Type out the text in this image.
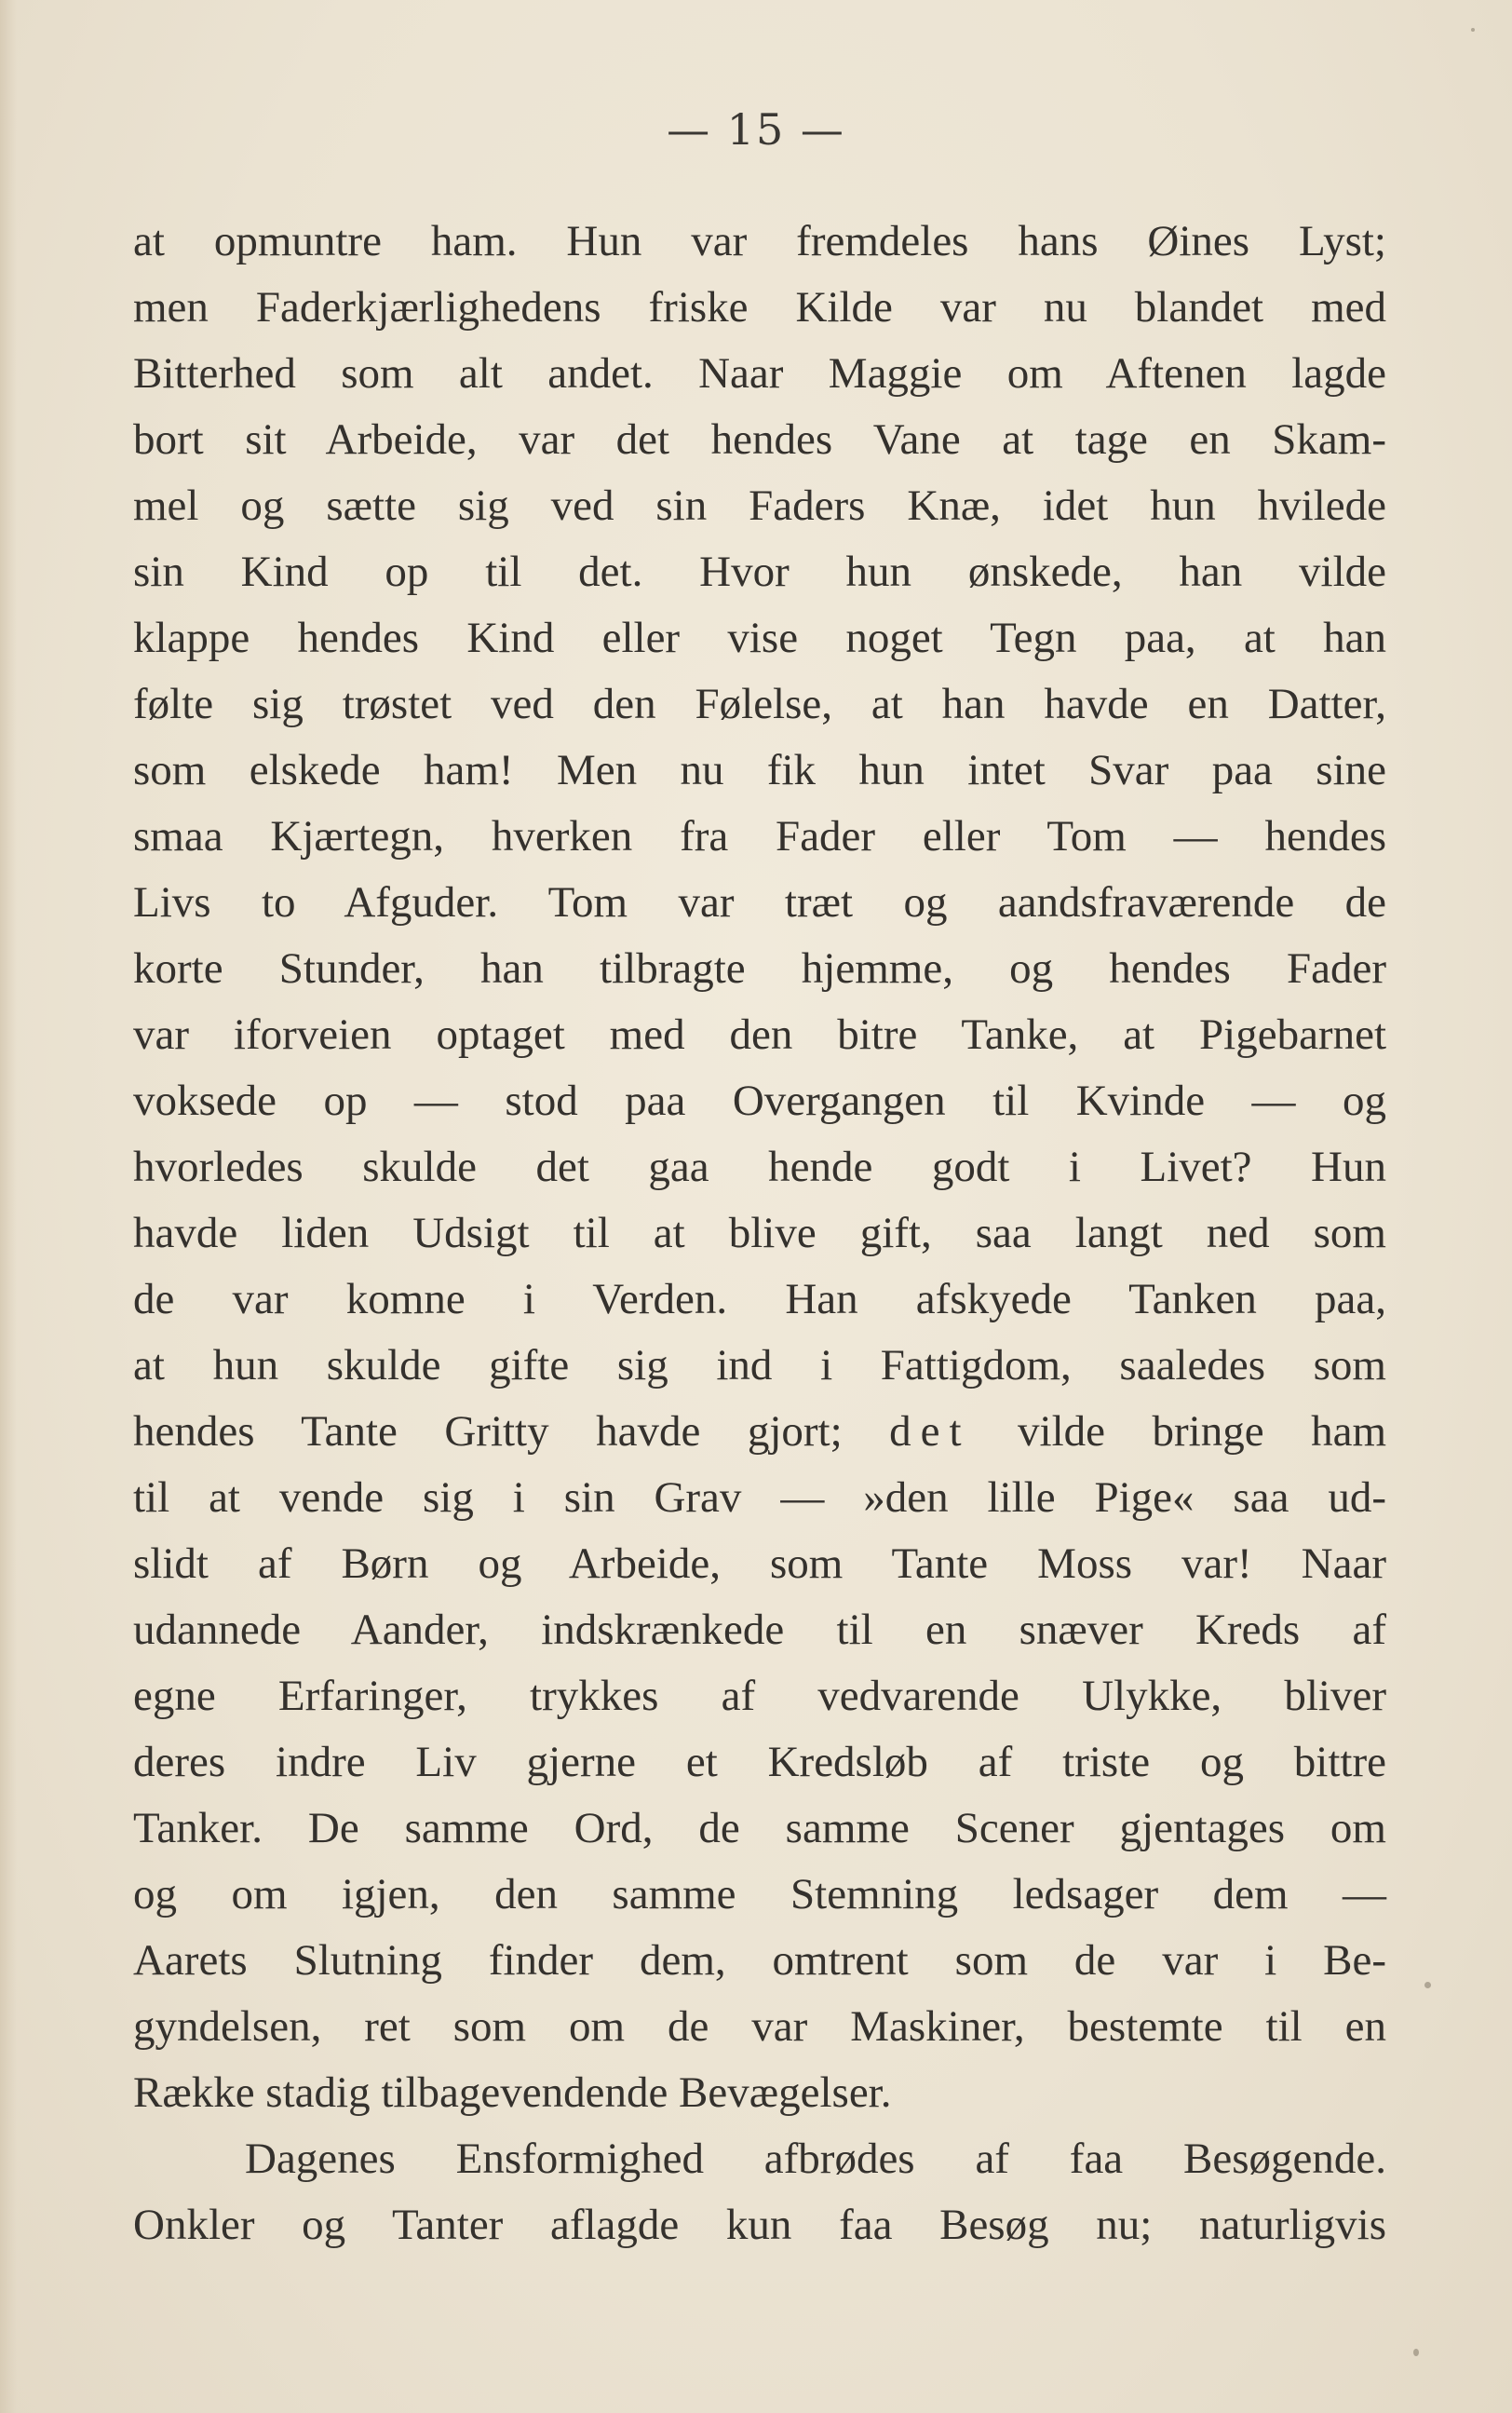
— 15 —
at opmuntre ham. Hun var fremdeles hans Øines Lyst;
men Faderkjærlighedens friske Kilde var nu blandet med
Bitterhed som alt andet. Naar Maggie om Aftenen lagde
bort sit Arbeide, var det hendes Vane at tage en Skam-
mel og sætte sig ved sin Faders Knæ, idet hun hvilede
sin Kind op til det. Hvor hun ønskede, han vilde
klappe hendes Kind eller vise noget Tegn paa, at han
følte sig trøstet ved den Følelse, at han havde en Datter,
som elskede ham! Men nu fik hun intet Svar paa sine
smaa Kjærtegn, hverken fra Fader eller Tom — hendes
Livs to Afguder. Tom var træt og aandsfraværende de
korte Stunder, han tilbragte hjemme, og hendes Fader
var iforveien optaget med den bitre Tanke, at Pigebarnet
voksede op — stod paa Overgangen til Kvinde — og
hvorledes skulde det gaa hende godt i Livet? Hun
havde liden Udsigt til at blive gift, saa langt ned som
de var komne i Verden. Han afskyede Tanken paa,
at hun skulde gifte sig ind i Fattigdom, saaledes som
hendes Tante Gritty havde gjort; det vilde bringe ham
til at vende sig i sin Grav — »den lille Pige« saa ud-
slidt af Børn og Arbeide, som Tante Moss var! Naar
udannede Aander, indskrænkede til en snæver Kreds af
egne Erfaringer, trykkes af vedvarende Ulykke, bliver
deres indre Liv gjerne et Kredsløb af triste og bittre
Tanker. De samme Ord, de samme Scener gjentages om
og om igjen, den samme Stemning ledsager dem —
Aarets Slutning finder dem, omtrent som de var i Be-
gyndelsen, ret som om de var Maskiner, bestemte til en
Række stadig tilbagevendende Bevægelser.
Dagenes Ensformighed afbrødes af faa Besøgende.
Onkler og Tanter aflagde kun faa Besøg nu; naturligvis
